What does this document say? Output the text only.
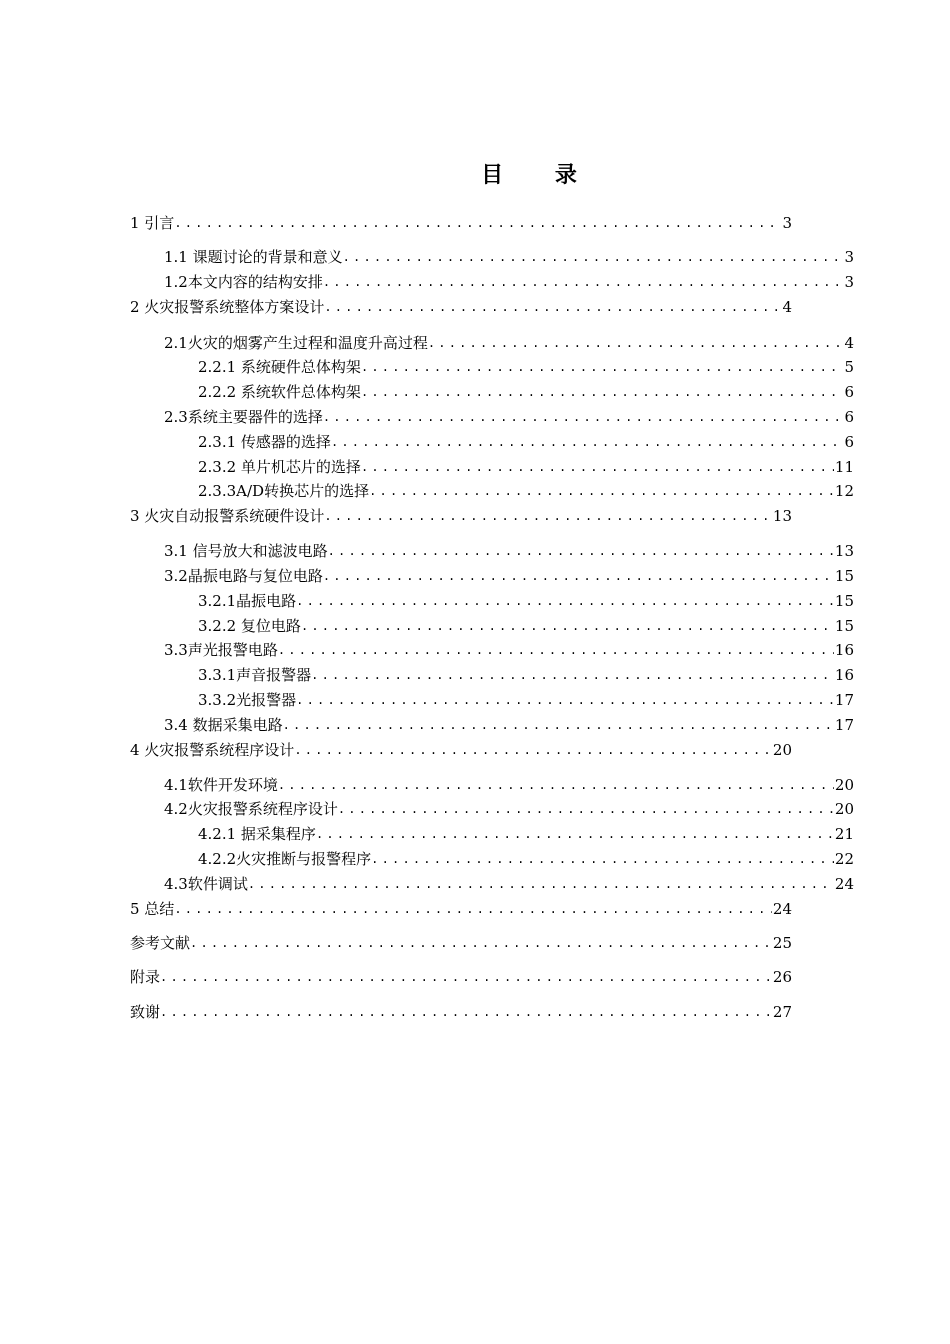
目 录
1 引言 .....	3
1.1 课题讨论的背景和意义 .....	3
1.2本文内容的结构安排 .....	3
2 火灾报警系统整体方案设计 .....	4
2.1火灾的烟雾产生过程和温度升高过程 .....	4
2.2.1 系统硬件总体构架 .....	5
2.2.2 系统软件总体构架 .....	6
2.3系统主要器件的选择 .....	6
2.3.1 传感器的选择 .....	6
2.3.2 单片机芯片的选择 .....	11
2.3.3A/D转换芯片的选择 .....	12
3 火灾自动报警系统硬件设计 .....	13
3.1 信号放大和滤波电路 .....	13
3.2晶振电路与复位电路 .....	15
3.2.1晶振电路 .....	15
3.2.2 复位电路 .....	15
3.3声光报警电路 .....	16
3.3.1声音报警器 .....	16
3.3.2光报警器 .....	17
3.4 数据采集电路 .....	17
4 火灾报警系统程序设计 .....	20
4.1软件开发环境 .....	20
4.2火灾报警系统程序设计 .....	20
4.2.1 据采集程序 .....	21
4.2.2火灾推断与报警程序 .....	22
4.3软件调试 .....	24
5 总结 .....	24
参考文献 .....	25
附录 .....	26
致谢 .....	27
